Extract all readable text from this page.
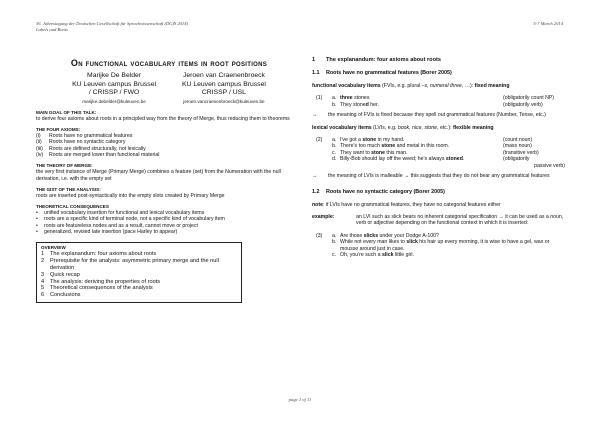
36. Jahrestagung der Deutschen Gesellschaft für Sprachwissenschaft (DGfS 2014)
Labels and Roots
5-7 March 2014
On functional vocabulary items in root positions
Marijke De Belder
KU Leuven campus Brussel
/ CRISSP / FWO
marijke.debelder@kuleuven.be
Jeroen van Craenenbroeck
KU Leuven campus Brussel
CRISSP / USL
jeroen.vancraenenbroeck@kuleuven.be
MAIN GOAL OF THIS TALK:
to derive four axioms about roots in a principled way from the theory of Merge, thus reducing them to theorems
THE FOUR AXIOMS:
(i)	Roots have no grammatical features
(ii)	Roots have no syntactic category
(iii)	Roots are defined structurally, not lexically
(iv)	Roots are merged lower than functional material
THE THEORY OF MERGE:
the very first instance of Merge (Primary Merge) combines a feature (set) from the Numeration with the null derivation, i.e. with the empty set
THE GIST OF THE ANALYSIS:
roots are inserted post-syntactically into the empty slots created by Primary Merge
THEORETICAL CONSEQUENCES
•	unified vocabulary insertion for functional and lexical vocabulary items
•	roots are a specific kind of terminal node, not a specific kind of vocabulary item
•	roots are featureless nodes and as a result, cannot move or project
•	generalized, revised late insertion (pace Harley to appear)
OVERVIEW
1	The explanandum: four axioms about roots
2	Prerequisite for the analysis: asymmetric primary merge and the null derivation
3	Quick recap
4	The analysis: deriving the properties of roots
5	Theoretical consequences of the analysis
6	Conclusions
1	The explanandum: four axioms about roots
1.1	Roots have no grammatical features (Borer 2005)
functional vocabulary items (FVIs, e.g. plural –s, numeral three, …): fixed meaning
(1)	a. three stones	(obligatorily count NP)
b. They stoned her.	(obligatorily verb)
→	the meaning of FVIs is fixed because they spell out grammatical features (Number, Tense, etc.)
lexical vocabulary items (LVIs, e.g. book, nice, stone, etc.): flexible meaning
(2)	a. I've got a stone in my hand.	(count noun)
b. There's too much stone and metal in this room.	(mass noun)
c. They want to stone this man.	(transitive verb)
d. Billy-Bob should lay off the weed; he's always stoned.	(obligatorily
passive verb)
→	the meaning of LVIs is malleable → this suggests that they do not bear any grammatical features
1.2	Roots have no syntactic category (Borer 2005)
note: if LVIs have no grammatical features, they have no categorial features either
example:	an LVI such as slick bears no inherent categorial specification → it can be used as a noun, verb or adjective depending on the functional context in which it is inserted:
(3)	a. Are those slicks under your Dodge A-100?
b. While not every man likes to slick his hair up every morning, it is wise to have a gel, wax or mousse around just in case.
c. Oh, you're such a slick little girl.
page 1 of 11
